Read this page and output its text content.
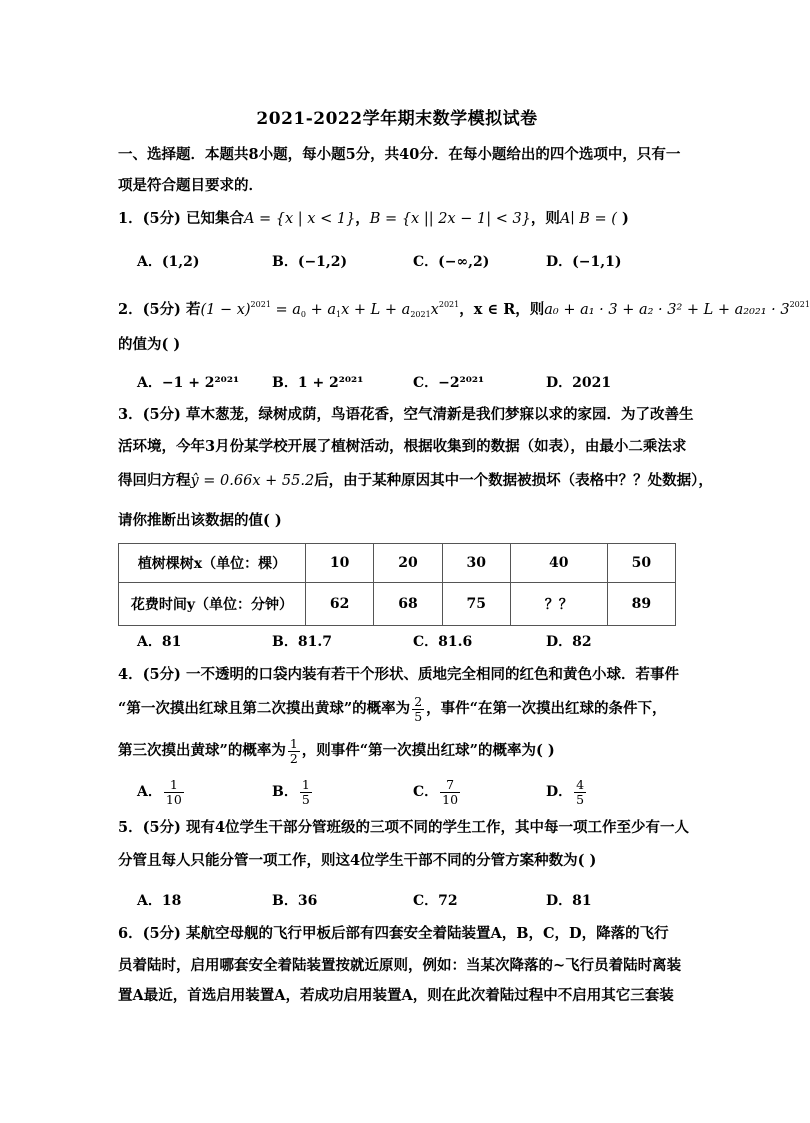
2021-2022学年期末数学模拟试卷
一、选择题．本题共8小题，每小题5分，共40分．在每小题给出的四个选项中，只有一
项是符合题目要求的．
1．(5分) 已知集合A = {x | x < 1}，B = {x || 2x − 1| < 3}，则A∣ B = ( )
A．(1,2)	B．(−1,2)	C．(−∞,2)	D．(−1,1)
2．(5分) 若$(1 - x)^{2021} = a_0 + a_1x + L + a_{2021}x^{2021}$，x ∈ R，则$a_0 + a_1 \cdot 3 + a_2 \cdot 3^2 + L + a_{2021} \cdot 3^{2021}$
的值为( )
A．−1 + 2²⁰²¹ B．1 + 2²⁰²¹	C．−2²⁰²¹	D．2021
3．(5分) 草木葱茏，绿树成荫，鸟语花香，空气清新是我们梦寐以求的家园．为了改善生
活环境，今年3月份某学校开展了植树活动，根据收集到的数据（如表），由最小二乘法求
得回归方程ŷ = 0.66x + 55.2后，由于某种原因其中一个数据被损坏（表格中？？处数据），
请你推断出该数据的值( )
植树棵树x（单位：棵）	10	20	30	40	50
花费时间y（单位：分钟）	62	68	75	？？	89
A．81	B．81.7	C．81.6	D．82
4．(5分) 一不透明的口袋内装有若干个形状、质地完全相同的红色和黄色小球．若事件
“第一次摸出红球且第二次摸出黄球”的概率为 $\frac{2}{5}$ ，事件“在第一次摸出红球的条件下，
第三次摸出黄球”的概率为 $\frac{1}{2}$ ，则事件“第一次摸出红球”的概率为( )
A． $\frac{1}{10}$	B． $\frac{1}{5}$	C． $\frac{7}{10}$	D． $\frac{4}{5}$
5．(5分) 现有4位学生干部分管班级的三项不同的学生工作，其中每一项工作至少有一人
分管且每人只能分管一项工作，则这4位学生干部不同的分管方案种数为( )
A．18	B．36	C．72	D．81
6．(5分) 某航空母舰的飞行甲板后部有四套安全着陆装置A，B，C，D，降落的飞行
员着陆时，启用哪套安全着陆装置按就近原则，例如：当某次降落的~飞行员着陆时离装
置A最近，首选启用装置A，若成功启用装置A，则在此次着陆过程中不启用其它三套装
